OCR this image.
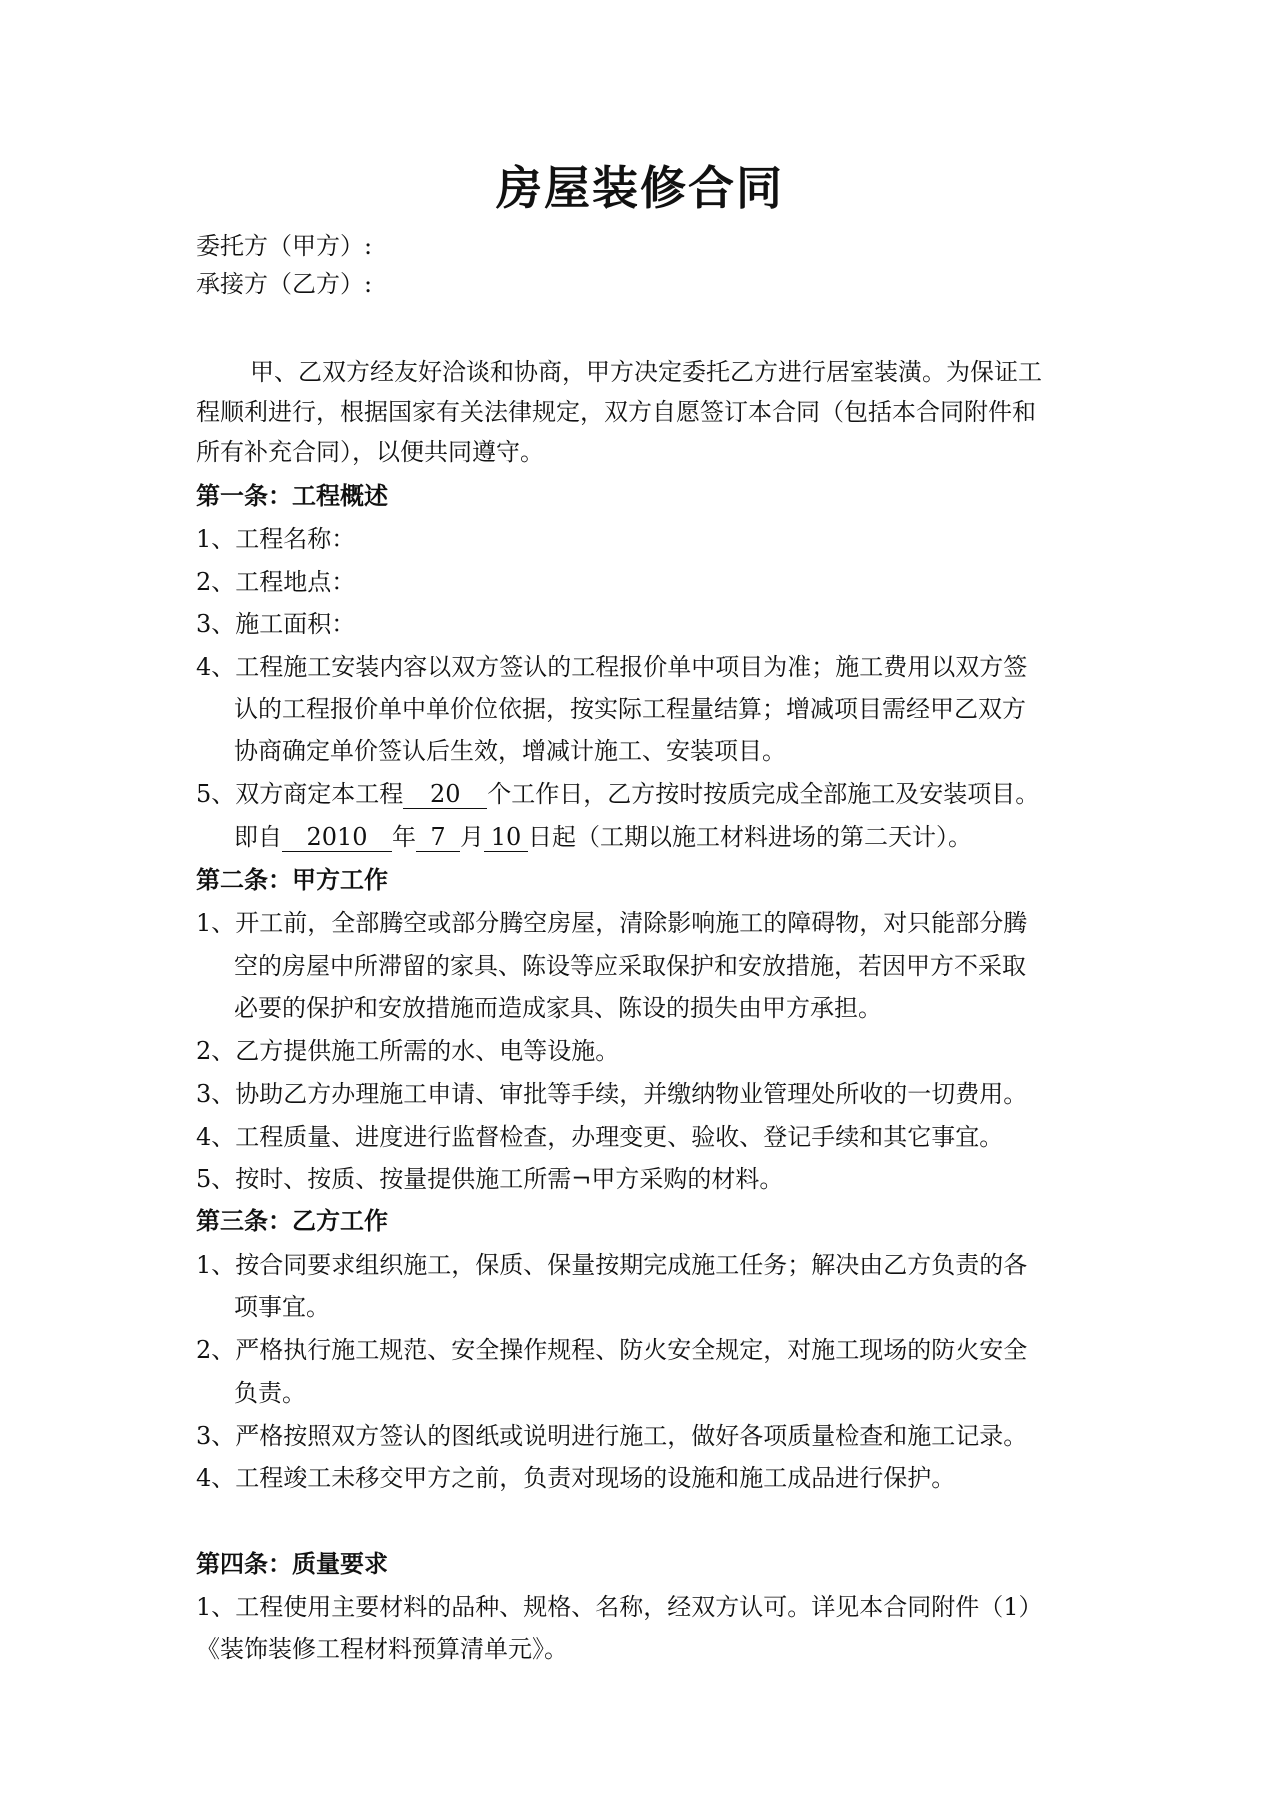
房屋装修合同
委托方（甲方）:
承接方（乙方）:
甲、乙双方经友好洽谈和协商，甲方决定委托乙方进行居室装潢。为保证工
程顺利进行，根据国家有关法律规定，双方自愿签订本合同（包括本合同附件和
所有补充合同），以便共同遵守。
第一条：工程概述
1、工程名称：
2、工程地点：
3、施工面积：
4、工程施工安装内容以双方签认的工程报价单中项目为准；施工费用以双方签
认的工程报价单中单价位依据，按实际工程量结算；增减项目需经甲乙双方
协商确定单价签认后生效，增减计施工、安装项目。
5、双方商定本工程 20 个工作日，乙方按时按质完成全部施工及安装项目。
即自 2010 年 7 月 10 日起（工期以施工材料进场的第二天计）。
第二条：甲方工作
1、开工前，全部腾空或部分腾空房屋，清除影响施工的障碍物，对只能部分腾
空的房屋中所滞留的家具、陈设等应采取保护和安放措施，若因甲方不采取
必要的保护和安放措施而造成家具、陈设的损失由甲方承担。
2、乙方提供施工所需的水、电等设施。
3、协助乙方办理施工申请、审批等手续，并缴纳物业管理处所收的一切费用。
4、工程质量、进度进行监督检查，办理变更、验收、登记手续和其它事宜。
5、按时、按质、按量提供施工所需¬甲方采购的材料。
第三条：乙方工作
1、按合同要求组织施工，保质、保量按期完成施工任务；解决由乙方负责的各
项事宜。
2、严格执行施工规范、安全操作规程、防火安全规定，对施工现场的防火安全
负责。
3、严格按照双方签认的图纸或说明进行施工，做好各项质量检查和施工记录。
4、工程竣工未移交甲方之前，负责对现场的设施和施工成品进行保护。
第四条：质量要求
1、工程使用主要材料的品种、规格、名称，经双方认可。详见本合同附件（1）
《装饰装修工程材料预算清单元》。
